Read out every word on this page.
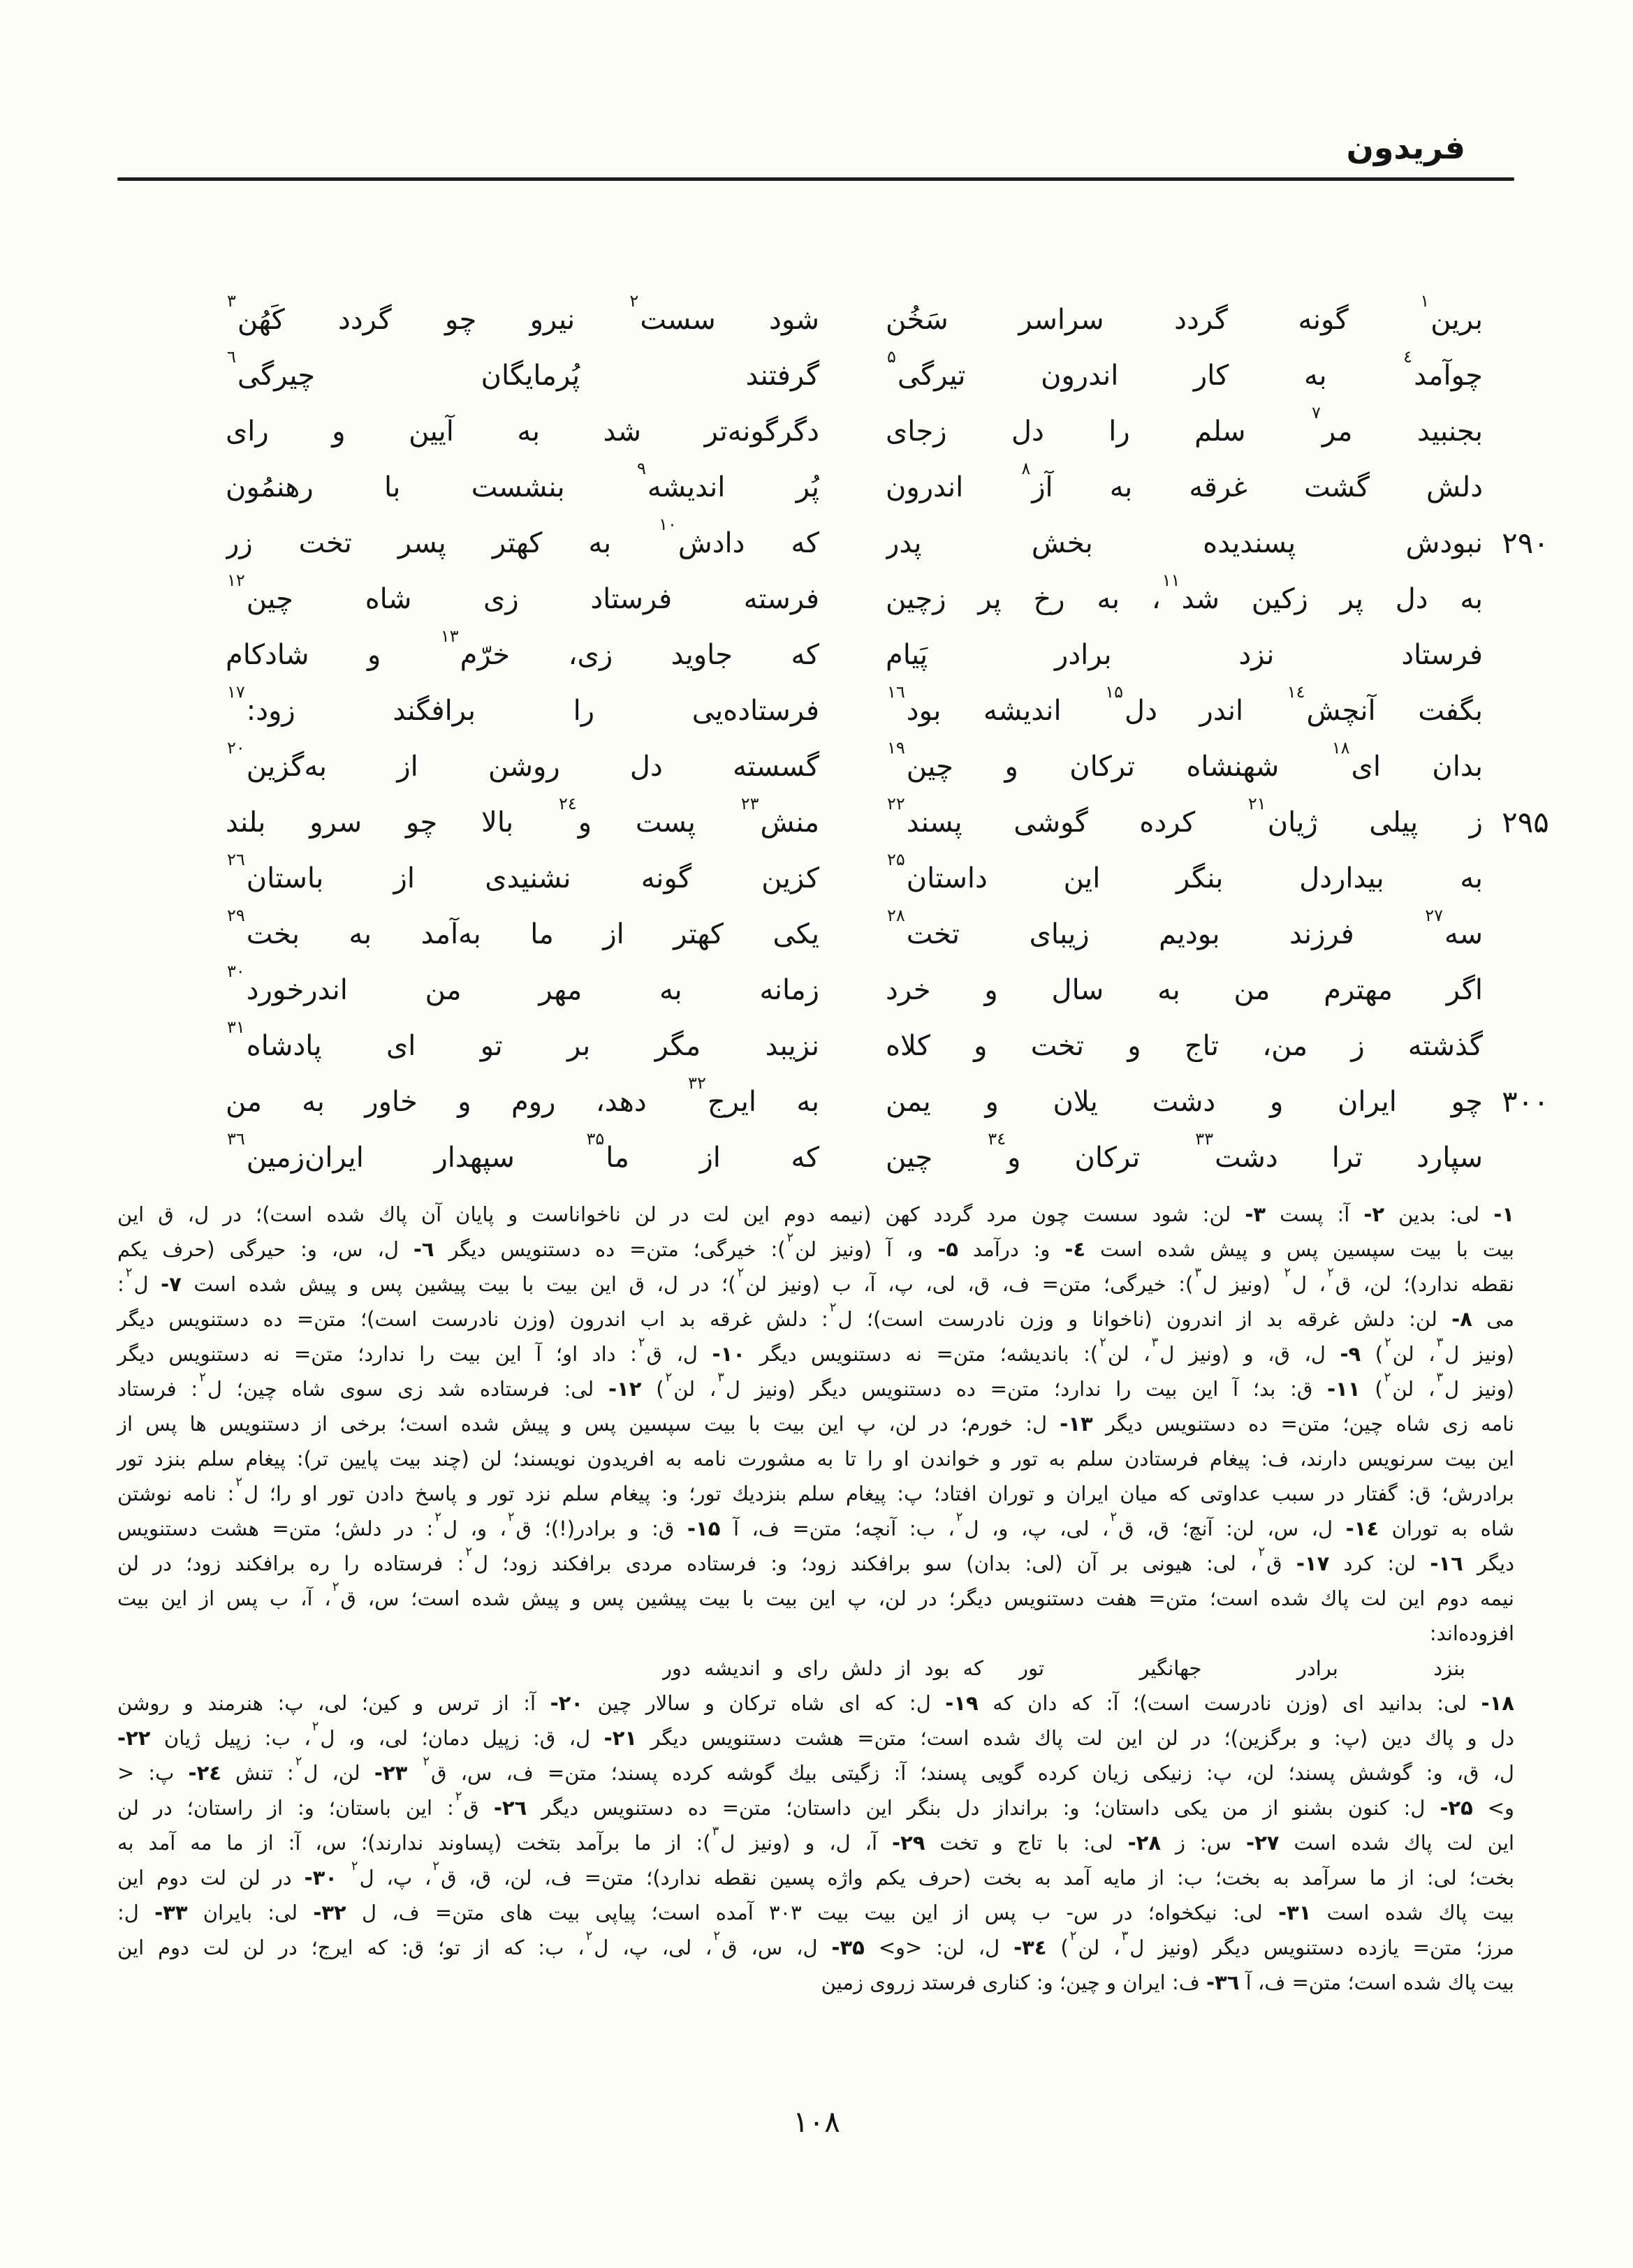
فریدون
برین$^۱$ گونه گردد سراسر سَخُن
شود سست$^۲$ نیرو چو گردد کَهُن$^۳$
چوآمد$^٤$ به کار اندرون تیرگی$^۵$
گرفتند پُرمایگان چیرگی$^٦$
بجنبید مر$^۷$ سلم را دل زجای
دگرگونه‌تر شد به آیین و رای
دلش گشت غرقه به آز$^۸$ اندرون
پُر اندیشه$^۹$ بنشست با رهنمُون
۲۹۰
نبودش پسندیده بخش پدر
که دادش$^{۱۰}$ به کهتر پسر تخت زر
به دل پر زکین شد$^{۱۱}$، به رخ پر زچین
فرسته فرستاد زی شاه چین$^{۱۲}$
فرستاد نزد برادر پَیام
که جاوید زی، خرّم$^{۱۳}$ و شادکام
بگفت آنچش$^{۱٤}$ اندر دل$^{۱۵}$ اندیشه بود$^{۱٦}$
فرستاده‌یی را برافگند زود:$^{۱۷}$
بدان ای$^{۱۸}$ شهنشاه ترکان و چین$^{۱۹}$
گسسته دل روشن از به‌گزین$^{۲۰}$
۲۹۵
ز پیلی ژیان$^{۲۱}$ کرده گوشی پسند$^{۲۲}$
منش$^{۲۳}$ پست و$^{۲٤}$ بالا چو سرو بلند
به بیداردل بنگر این داستان$^{۲۵}$
کزین گونه نشنیدی از باستان$^{۲٦}$
سه$^{۲۷}$ فرزند بودیم زیبای تخت$^{۲۸}$
یکی کهتر از ما به‌آمد به بخت$^{۲۹}$
اگر مهترم من به سال و خرد
زمانه به مهر من اندرخورد$^{۳۰}$
گذشته ز من، تاج و تخت و کلاه
نزیبد مگر بر تو ای پادشاه$^{۳۱}$
۳۰۰
چو ایران و دشت یلان و یمن
به ایرج$^{۳۲}$ دهد، روم و خاور به من
سپارد ترا دشت$^{۳۳}$ ترکان و$^{۳٤}$ چین
که از ما$^{۳۵}$ سپهدار ایران‌زمین$^{۳٦}$
۱- لی: بدین ۲- آ: پست ۳- لن: شود سست چون مرد گردد کهن (نیمه دوم این لت در لن ناخواناست و پایان آن پاك شده است)؛ در ل، ق این
بیت با بیت سپسین پس و پیش شده است ٤- و: درآمد ۵- و، آ (ونیز لن$^۲$): خیرگی؛ متن= ده دستنویس دیگر ٦- ل، س، و: حیرگی (حرف یکم
نقطه ندارد)؛ لن، ق$^۲$، ل$^۲$ (ونیز ل$^۳$): خیرگی؛ متن= ف، ق، لی، پ، آ، ب (ونیز لن$^۲$)؛ در ل، ق این بیت با بیت پیشین پس و پیش شده است ۷- ل$^۲$:
می ۸- لن: دلش غرقه بد از اندرون (ناخوانا و وزن نادرست است)؛ ل$^۲$: دلش غرقه بد اب اندرون (وزن نادرست است)؛ متن= ده دستنویس دیگر
(ونیز ل$^۳$، لن$^۲$) ۹- ل، ق، و (ونیز ل$^۳$، لن$^۲$): باندیشه؛ متن= نه دستنویس دیگر ۱۰- ل، ق$^۲$: داد او؛ آ این بیت را ندارد؛ متن= نه دستنویس دیگر
(ونیز ل$^۳$، لن$^۲$) ۱۱- ق: بد؛ آ این بیت را ندارد؛ متن= ده دستنویس دیگر (ونیز ل$^۳$، لن$^۲$) ۱۲- لی: فرستاده شد زی سوی شاه چین؛ ل$^۲$: فرستاد
نامه زی شاه چین؛ متن= ده دستنویس دیگر ۱۳- ل: خورم؛ در لن، پ این بیت با بیت سپسین پس و پیش شده است؛ برخی از دستنویس ها پس از
این بیت سرنویس دارند، ف: پیغام فرستادن سلم به تور و خواندن او را تا به مشورت نامه به افریدون نویسند؛ لن (چند بیت پایین تر): پیغام سلم بنزد تور
برادرش؛ ق: گفتار در سبب عداوتی که میان ایران و توران افتاد؛ پ: پیغام سلم بنزدیك تور؛ و: پیغام سلم نزد تور و پاسخ دادن تور او را؛ ل$^۲$: نامه نوشتن
شاه به توران ۱٤- ل، س، لن: آنچ؛ ق، ق$^۲$، لی، پ، و، ل$^۲$، ب: آنچه؛ متن= ف، آ ۱۵- ق: و برادر(!)؛ ق$^۲$، و، ل$^۲$: در دلش؛ متن= هشت دستنویس
دیگر ۱٦- لن: کرد ۱۷- ق$^۲$، لی: هیونی بر آن (لی: بدان) سو برافکند زود؛ و: فرستاده مردی برافکند زود؛ ل$^۲$: فرستاده را ره برافکند زود؛ در لن
نیمه دوم این لت پاك شده است؛ متن= هفت دستنویس دیگر؛ در لن، پ این بیت با بیت پیشین پس و پیش شده است؛ س، ق$^۲$، آ، ب پس از این بیت
افزوده‌اند:
بنزد برادر جهانگیر تور
که بود از دلش رای و اندیشه دور
۱۸- لی: بدانید ای (وزن نادرست است)؛ آ: که دان که ۱۹- ل: که ای شاه ترکان و سالار چین ۲۰- آ: از ترس و کین؛ لی، پ: هنرمند و روشن
دل و پاك دین (پ: و برگزین)؛ در لن این لت پاك شده است؛ متن= هشت دستنویس دیگر ۲۱- ل، ق: زپیل دمان؛ لی، و، ل$^۲$، ب: زپیل ژیان ۲۲-
ل، ق، و: گوشش پسند؛ لن، پ: زنیکی زیان کرده گویی پسند؛ آ: زگیتی بیك گوشه کرده پسند؛ متن= ف، س، ق$^۲$ ۲۳- لن، ل$^۲$: تنش ۲٤- پ: <
و> ۲۵- ل: کنون بشنو از من یکی داستان؛ و: برانداز دل بنگر این داستان؛ متن= ده دستنویس دیگر ۲٦- ق$^۲$: این باستان؛ و: از راستان؛ در لن
این لت پاك شده است ۲۷- س: ز ۲۸- لی: با تاج و تخت ۲۹- آ، ل، و (ونیز ل$^۳$): از ما برآمد بتخت (پساوند ندارند)؛ س، آ: از ما مه آمد به
بخت؛ لی: از ما سرآمد به بخت؛ ب: از مایه آمد به بخت (حرف یکم واژه پسین نقطه ندارد)؛ متن= ف، لن، ق، ق$^۲$، پ، ل$^۲$ ۳۰- در لن لت دوم این
بیت پاك شده است ۳۱- لی: نیکخواه؛ در س- ب پس از این بیت بیت ۳۰۳ آمده است؛ پیاپی بیت های متن= ف، ل ۳۲- لی: بایران ۳۳- ل:
مرز؛ متن= یازده دستنویس دیگر (ونیز ل$^۳$، لن$^۲$) ۳٤- ل، لن: <و> ۳۵- ل، س، ق$^۲$، لی، پ، ل$^۲$، ب: که از تو؛ ق: که ایرج؛ در لن لت دوم این
بیت پاك شده است؛ متن= ف، آ ۳٦- ف: ایران و چین؛ و: کناری فرستد زروی زمین
۱۰۸
